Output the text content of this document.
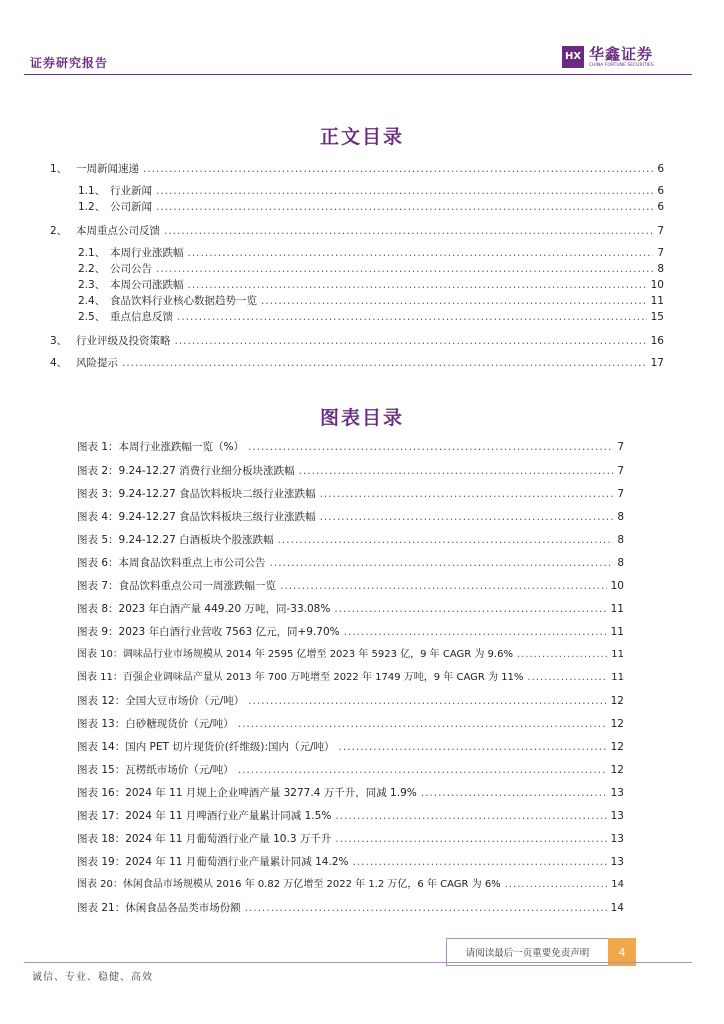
证券研究报告	HX 华鑫证券
CHINA FORTUNE SECURITIES
正文目录
1、 一周新闻速递 .....	6
1.1、 行业新闻 .....	6
1.2、 公司新闻 .....	6
2、 本周重点公司反馈 .....	7
2.1、 本周行业涨跌幅 .....	7
2.2、 公司公告 .....	8
2.3、 本周公司涨跌幅 .....	10
2.4、 食品饮料行业核心数据趋势一览 .....	11
2.5、 重点信息反馈 .....	15
3、 行业评级及投资策略 .....	16
4、 风险提示 .....	17
图表目录
图表 1：本周行业涨跌幅一览（%） .....	7
图表 2：9.24-12.27 消费行业细分板块涨跌幅 .....	7
图表 3：9.24-12.27 食品饮料板块二级行业涨跌幅 .....	7
图表 4：9.24-12.27 食品饮料板块三级行业涨跌幅 .....	8
图表 5：9.24-12.27 白酒板块个股涨跌幅 .....	8
图表 6：本周食品饮料重点上市公司公告 .....	8
图表 7：食品饮料重点公司一周涨跌幅一览 .....	10
图表 8：2023 年白酒产量 449.20 万吨，同-33.08% .....	11
图表 9：2023 年白酒行业营收 7563 亿元，同+9.70% .....	11
图表 10：调味品行业市场规模从 2014 年 2595 亿增至 2023 年 5923 亿，9 年 CAGR 为 9.6% .....	11
图表 11：百强企业调味品产量从 2013 年 700 万吨增至 2022 年 1749 万吨，9 年 CAGR 为 11% .....	11
图表 12：全国大豆市场价（元/吨） .....	12
图表 13：白砂糖现货价（元/吨） .....	12
图表 14：国内 PET 切片现货价(纤维级):国内（元/吨） .....	12
图表 15：瓦楞纸市场价（元/吨） .....	12
图表 16：2024 年 11 月规上企业啤酒产量 3277.4 万千升，同减 1.9% .....	13
图表 17：2024 年 11 月啤酒行业产量累计同减 1.5% .....	13
图表 18：2024 年 11 月葡萄酒行业产量 10.3 万千升 .....	13
图表 19：2024 年 11 月葡萄酒行业产量累计同减 14.2% .....	13
图表 20：休闲食品市场规模从 2016 年 0.82 万亿增至 2022 年 1.2 万亿，6 年 CAGR 为 6% .....	14
图表 21：休闲食品各品类市场份额 .....	14
请阅读最后一页重要免责声明	4
诚信、专业、稳健、高效
